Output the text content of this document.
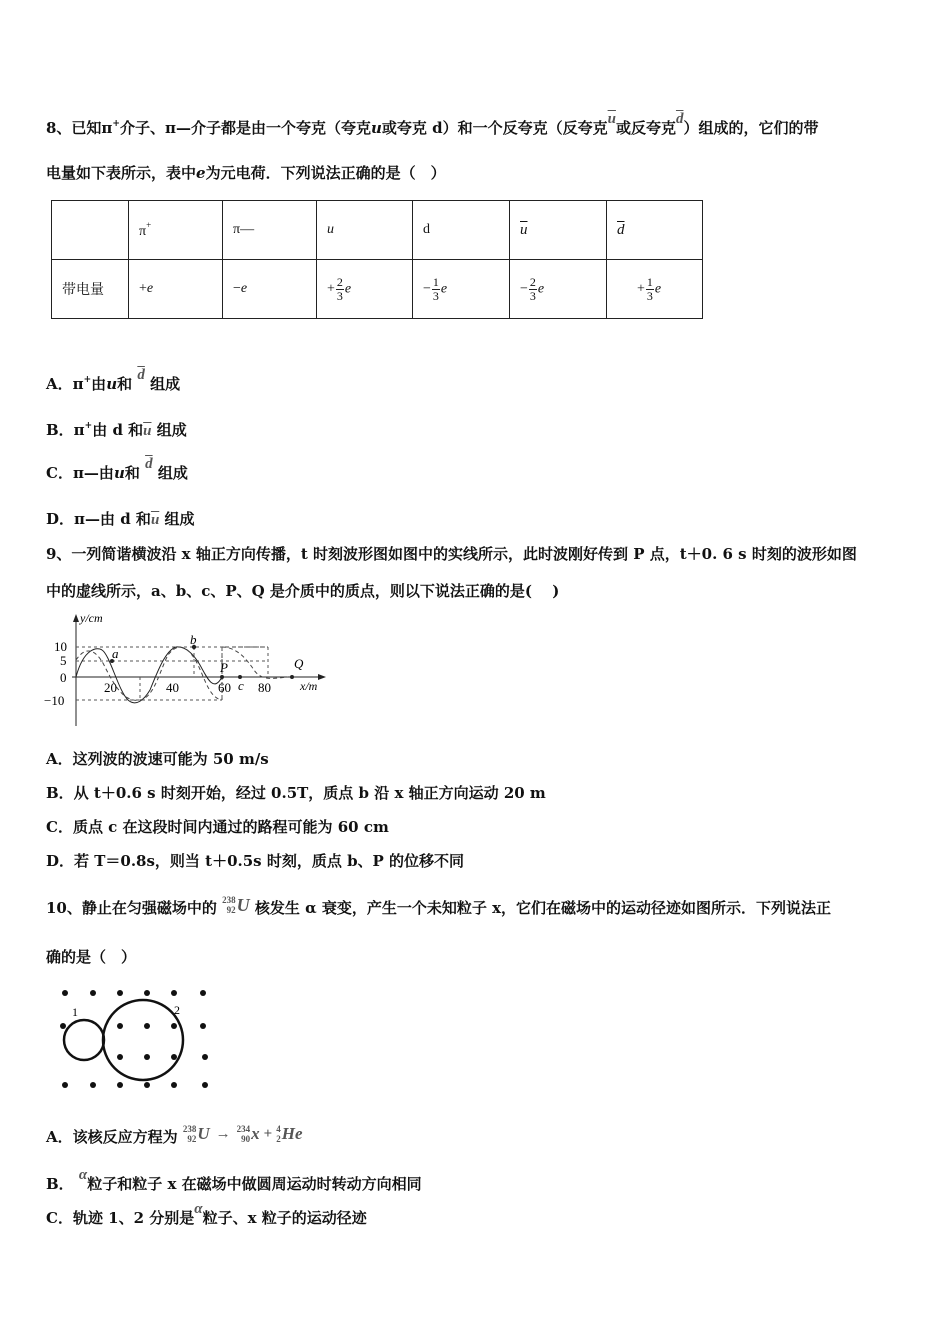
8、已知π+介子、π—介子都是由一个夸克（夸克u或夸克 d）和一个反夸克（反夸克$\overline{u}$或反夸克$\overline{d}$）组成的，它们的带
电量如下表所示，表中e为元电荷．下列说法正确的是（　）
	π+	π—	u	d	$\overline{u}$	$\overline{d}$
带电量	+e	−e	+ $\frac{2}{3}$ e	− $\frac{1}{3}$ e	− $\frac{2}{3}$ e	+ $\frac{1}{3}$ e
A．π+由u和 $\overline{d}$ 组成
B．π+由 d 和$\overline{u}$ 组成
C．π—由u和 $\overline{d}$ 组成
D．π—由 d 和$\overline{u}$ 组成
9、一列简谐横波沿 x 轴正方向传播，t 时刻波形图如图中的实线所示，此时波刚好传到 P 点，t＋0. 6 s 时刻的波形如图
中的虚线所示，a、b、c、P、Q 是介质中的质点，则以下说法正确的是(　 )
y/cm
x/m
10
5
0
−10
20	40	60 80
a
b
P
c
Q
A．这列波的波速可能为 50 m/s
B．从 t＋0.6 s 时刻开始，经过 0.5T，质点 b 沿 x 轴正方向运动 20 m
C．质点 c 在这段时间内通过的路程可能为 60 cm
D．若 T＝0.8s，则当 t＋0.5s 时刻，质点 b、P 的位移不同
10、静止在匀强磁场中的 238
92 U 核发生 α 衰变，产生一个未知粒子 x，它们在磁场中的运动径迹如图所示．下列说法正
确的是（　）
1	2
A．该核反应方程为 238
92 U → 234
90 x + 4
2 He
B． α粒子和粒子 x 在磁场中做圆周运动时转动方向相同
C．轨迹 1、2 分别是α粒子、x 粒子的运动径迹
